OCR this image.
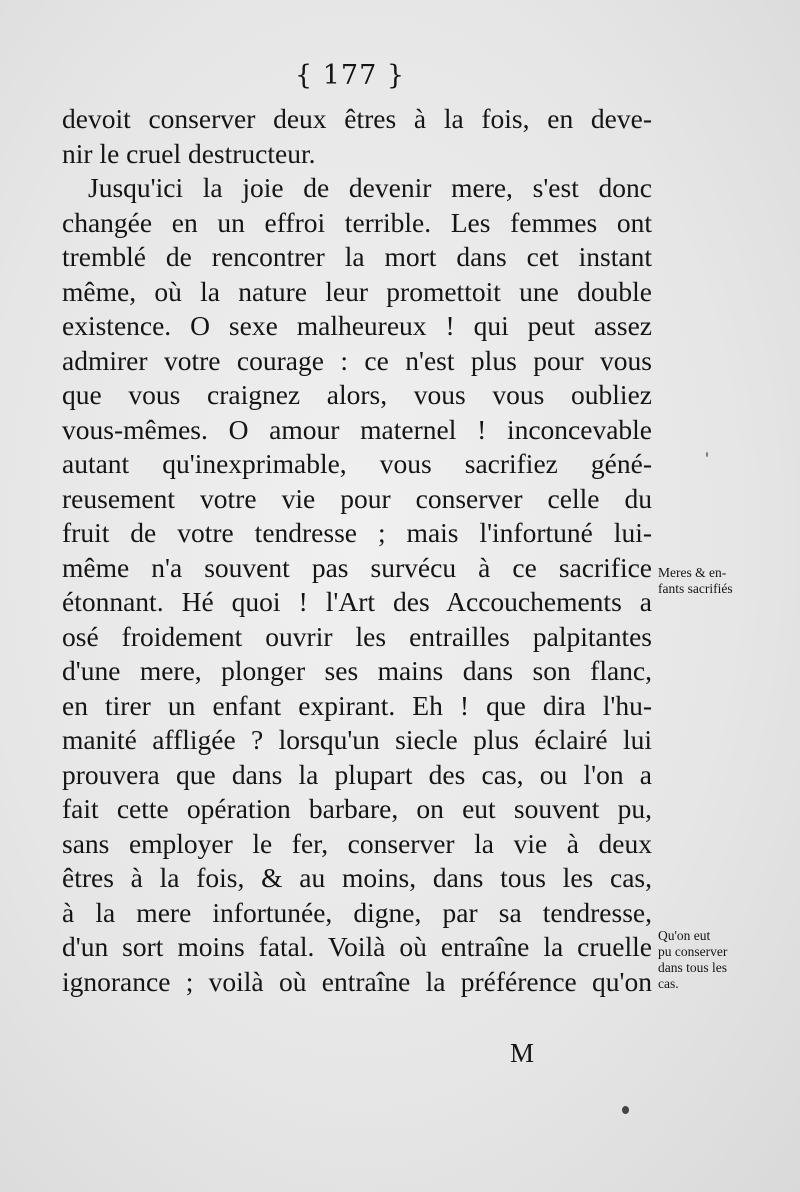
{ 177 }
devoit conserver deux êtres à la fois, en deve-
nir le cruel destructeur.
Jusqu'ici la joie de devenir mere, s'est donc
changée en un effroi terrible. Les femmes ont
tremblé de rencontrer la mort dans cet instant
même, où la nature leur promettoit une double
existence. O sexe malheureux ! qui peut assez
admirer votre courage : ce n'est plus pour vous
que vous craignez alors, vous vous oubliez
vous-mêmes. O amour maternel ! inconcevable
autant qu'inexprimable, vous sacrifiez géné-
reusement votre vie pour conserver celle du
fruit de votre tendresse ; mais l'infortuné lui-
même n'a souvent pas survécu à ce sacrifice
étonnant. Hé quoi ! l'Art des Accouchements a
osé froidement ouvrir les entrailles palpitantes
d'une mere, plonger ses mains dans son flanc,
en tirer un enfant expirant. Eh ! que dira l'hu-
manité affligée ? lorsqu'un siecle plus éclairé lui
prouvera que dans la plupart des cas, ou l'on a
fait cette opération barbare, on eut souvent pu,
sans employer le fer, conserver la vie à deux
êtres à la fois, & au moins, dans tous les cas,
à la mere infortunée, digne, par sa tendresse,
d'un sort moins fatal. Voilà où entraîne la cruelle
ignorance ; voilà où entraîne la préférence qu'on
Meres & en-
fants sacrifiés
Qu'on eut
pu conserver
dans tous les
cas.
M
